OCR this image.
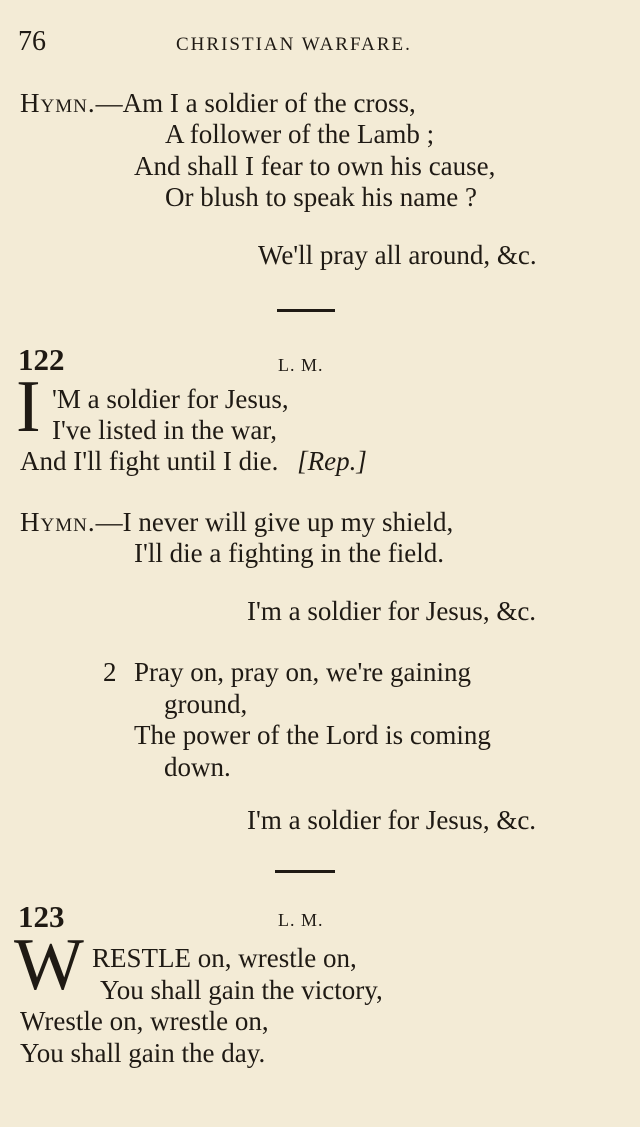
76	CHRISTIAN WARFARE.
Hymn.—Am I a soldier of the cross,
A follower of the Lamb ;
And shall I fear to own his cause,
Or blush to speak his name ?
We'll pray all around, &c.
122	L. M.
I 'M a soldier for Jesus,
I've listed in the war,
And I'll fight until I die. [Rep.]
Hymn.—I never will give up my shield,
I'll die a fighting in the field.
I'm a soldier for Jesus, &c.
2 Pray on, pray on, we're gaining
ground,
The power of the Lord is coming
down.
I'm a soldier for Jesus, &c.
123	L. M.
W RESTLE on, wrestle on,
You shall gain the victory,
Wrestle on, wrestle on,
You shall gain the day.
